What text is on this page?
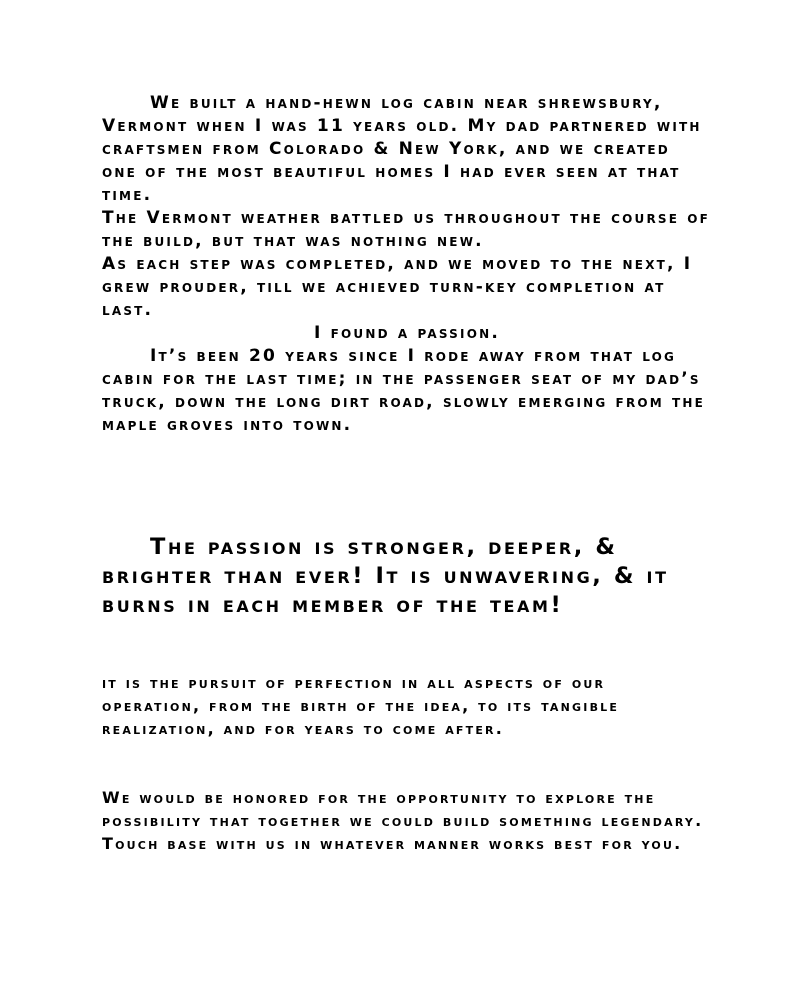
We built a hand-hewn log cabin near shrewsbury, Vermont when I was 11 years old. My dad partnered with craftsmen from Colorado & New York, and we created one of the most beautiful homes I had ever seen at that time.

The Vermont weather battled us throughout the course of the build, but that was nothing new.

As each step was completed, and we moved to the next, I grew prouder, till we achieved turn-key completion at last.

I found a passion.

It’s been 20 years since I rode away from that log cabin for the last time; in the passenger seat of my dad’s truck, down the long dirt road, slowly emerging from the maple groves into town.

The passion is stronger, deeper, & brighter than ever! It is unwavering, & it burns in each member of the team!

it is the pursuit of perfection in all aspects of our operation, from the birth of the idea, to its tangible realization, and for years to come after.

We would be honored for the opportunity to explore the possibility that together we could build something legendary. Touch base with us in whatever manner works best for you.
